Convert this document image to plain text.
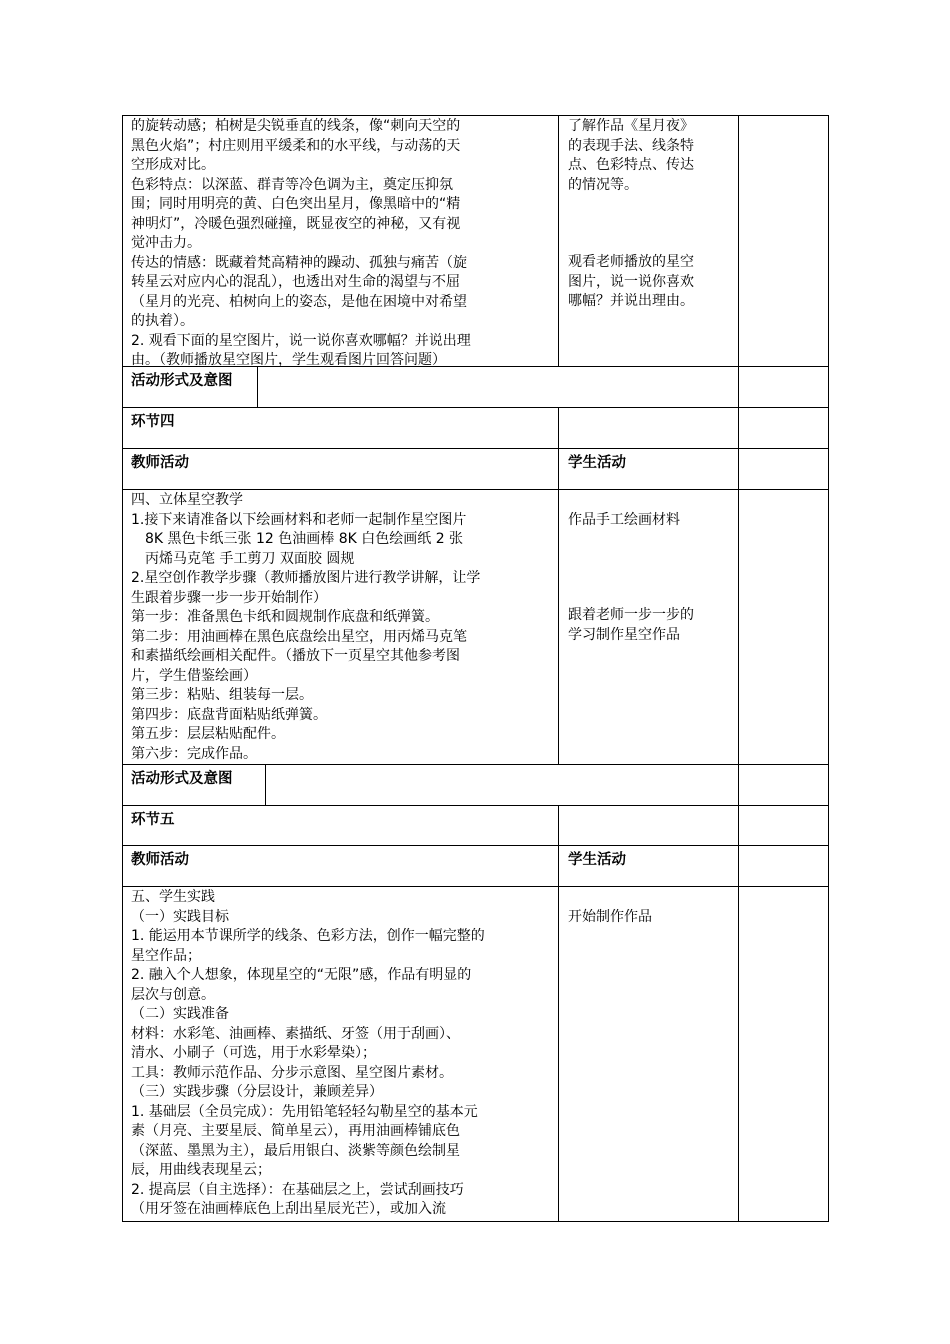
的旋转动感；柏树是尖锐垂直的线条，像“刺向天空的

黑色火焰”；村庄则用平缓柔和的水平线，与动荡的天

空形成对比。

色彩特点：以深蓝、群青等冷色调为主，奠定压抑氛

围；同时用明亮的黄、白色突出星月，像黑暗中的“精

神明灯”，冷暖色强烈碰撞，既显夜空的神秘，又有视

觉冲击力。

传达的情感：既藏着梵高精神的躁动、孤独与痛苦（旋

转星云对应内心的混乱），也透出对生命的渴望与不屈

（星月的光亮、柏树向上的姿态，是他在困境中对希望

的执着）。

2. 观看下面的星空图片，说一说你喜欢哪幅？并说出理

由。（教师播放星空图片，学生观看图片回答问题）

了解作品《星月夜》

的表现手法、线条特

点、色彩特点、传达

的情况等。

观看老师播放的星空

图片，说一说你喜欢

哪幅？并说出理由。

活动形式及意图
环节四
教师活动	学生活动

四、立体星空教学

1.接下来请准备以下绘画材料和老师一起制作星空图片

8K 黑色卡纸三张 12 色油画棒 8K 白色绘画纸 2 张

丙烯马克笔 手工剪刀 双面胶 圆规

2.星空创作教学步骤（教师播放图片进行教学讲解，让学

生跟着步骤一步一步开始制作）

第一步：准备黑色卡纸和圆规制作底盘和纸弹簧。

第二步：用油画棒在黑色底盘绘出星空，用丙烯马克笔

和素描纸绘画相关配件。（播放下一页星空其他参考图

片，学生借鉴绘画）

第三步：粘贴、组装每一层。

第四步：底盘背面粘贴纸弹簧。

第五步：层层粘贴配件。

第六步：完成作品。

作品手工绘画材料

跟着老师一步一步的

学习制作星空作品

活动形式及意图
环节五
教师活动	学生活动

五、学生实践

（一）实践目标

1. 能运用本节课所学的线条、色彩方法，创作一幅完整的

星空作品；

2. 融入个人想象，体现星空的“无限”感，作品有明显的

层次与创意。

（二）实践准备

材料：水彩笔、油画棒、素描纸、牙签（用于刮画）、

清水、小刷子（可选，用于水彩晕染）；

工具：教师示范作品、分步示意图、星空图片素材。

（三）实践步骤（分层设计，兼顾差异）

1. 基础层（全员完成）：先用铅笔轻轻勾勒星空的基本元

素（月亮、主要星辰、简单星云），再用油画棒铺底色

（深蓝、墨黑为主），最后用银白、淡紫等颜色绘制星

辰，用曲线表现星云；

2. 提高层（自主选择）：在基础层之上，尝试刮画技巧

（用牙签在油画棒底色上刮出星辰光芒），或加入流

开始制作作品
